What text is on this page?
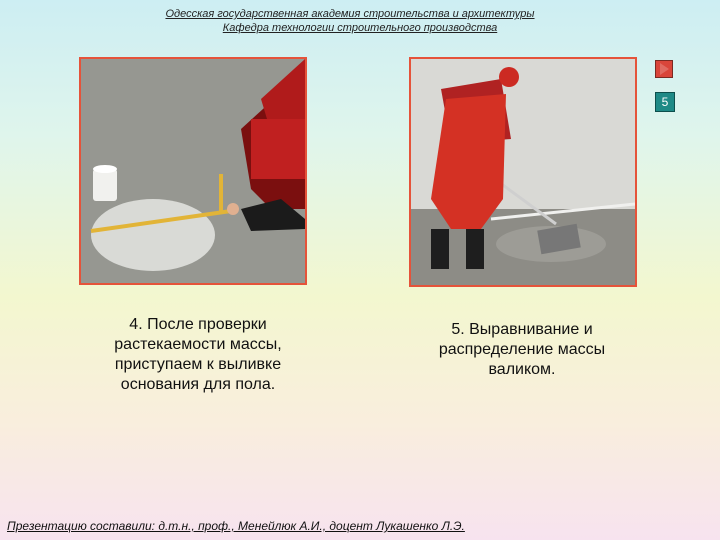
Одесская государственная академия строительства и архитектуры
Кафедра технологии строительного производства
4. После проверки
растекаемости массы,
приступаем к выливке
основания для пола.
5. Выравнивание и
распределение массы
валиком.
5
Презентацию составили: д.т.н., проф., Менейлюк А.И., доцент Лукашенко Л.Э.
